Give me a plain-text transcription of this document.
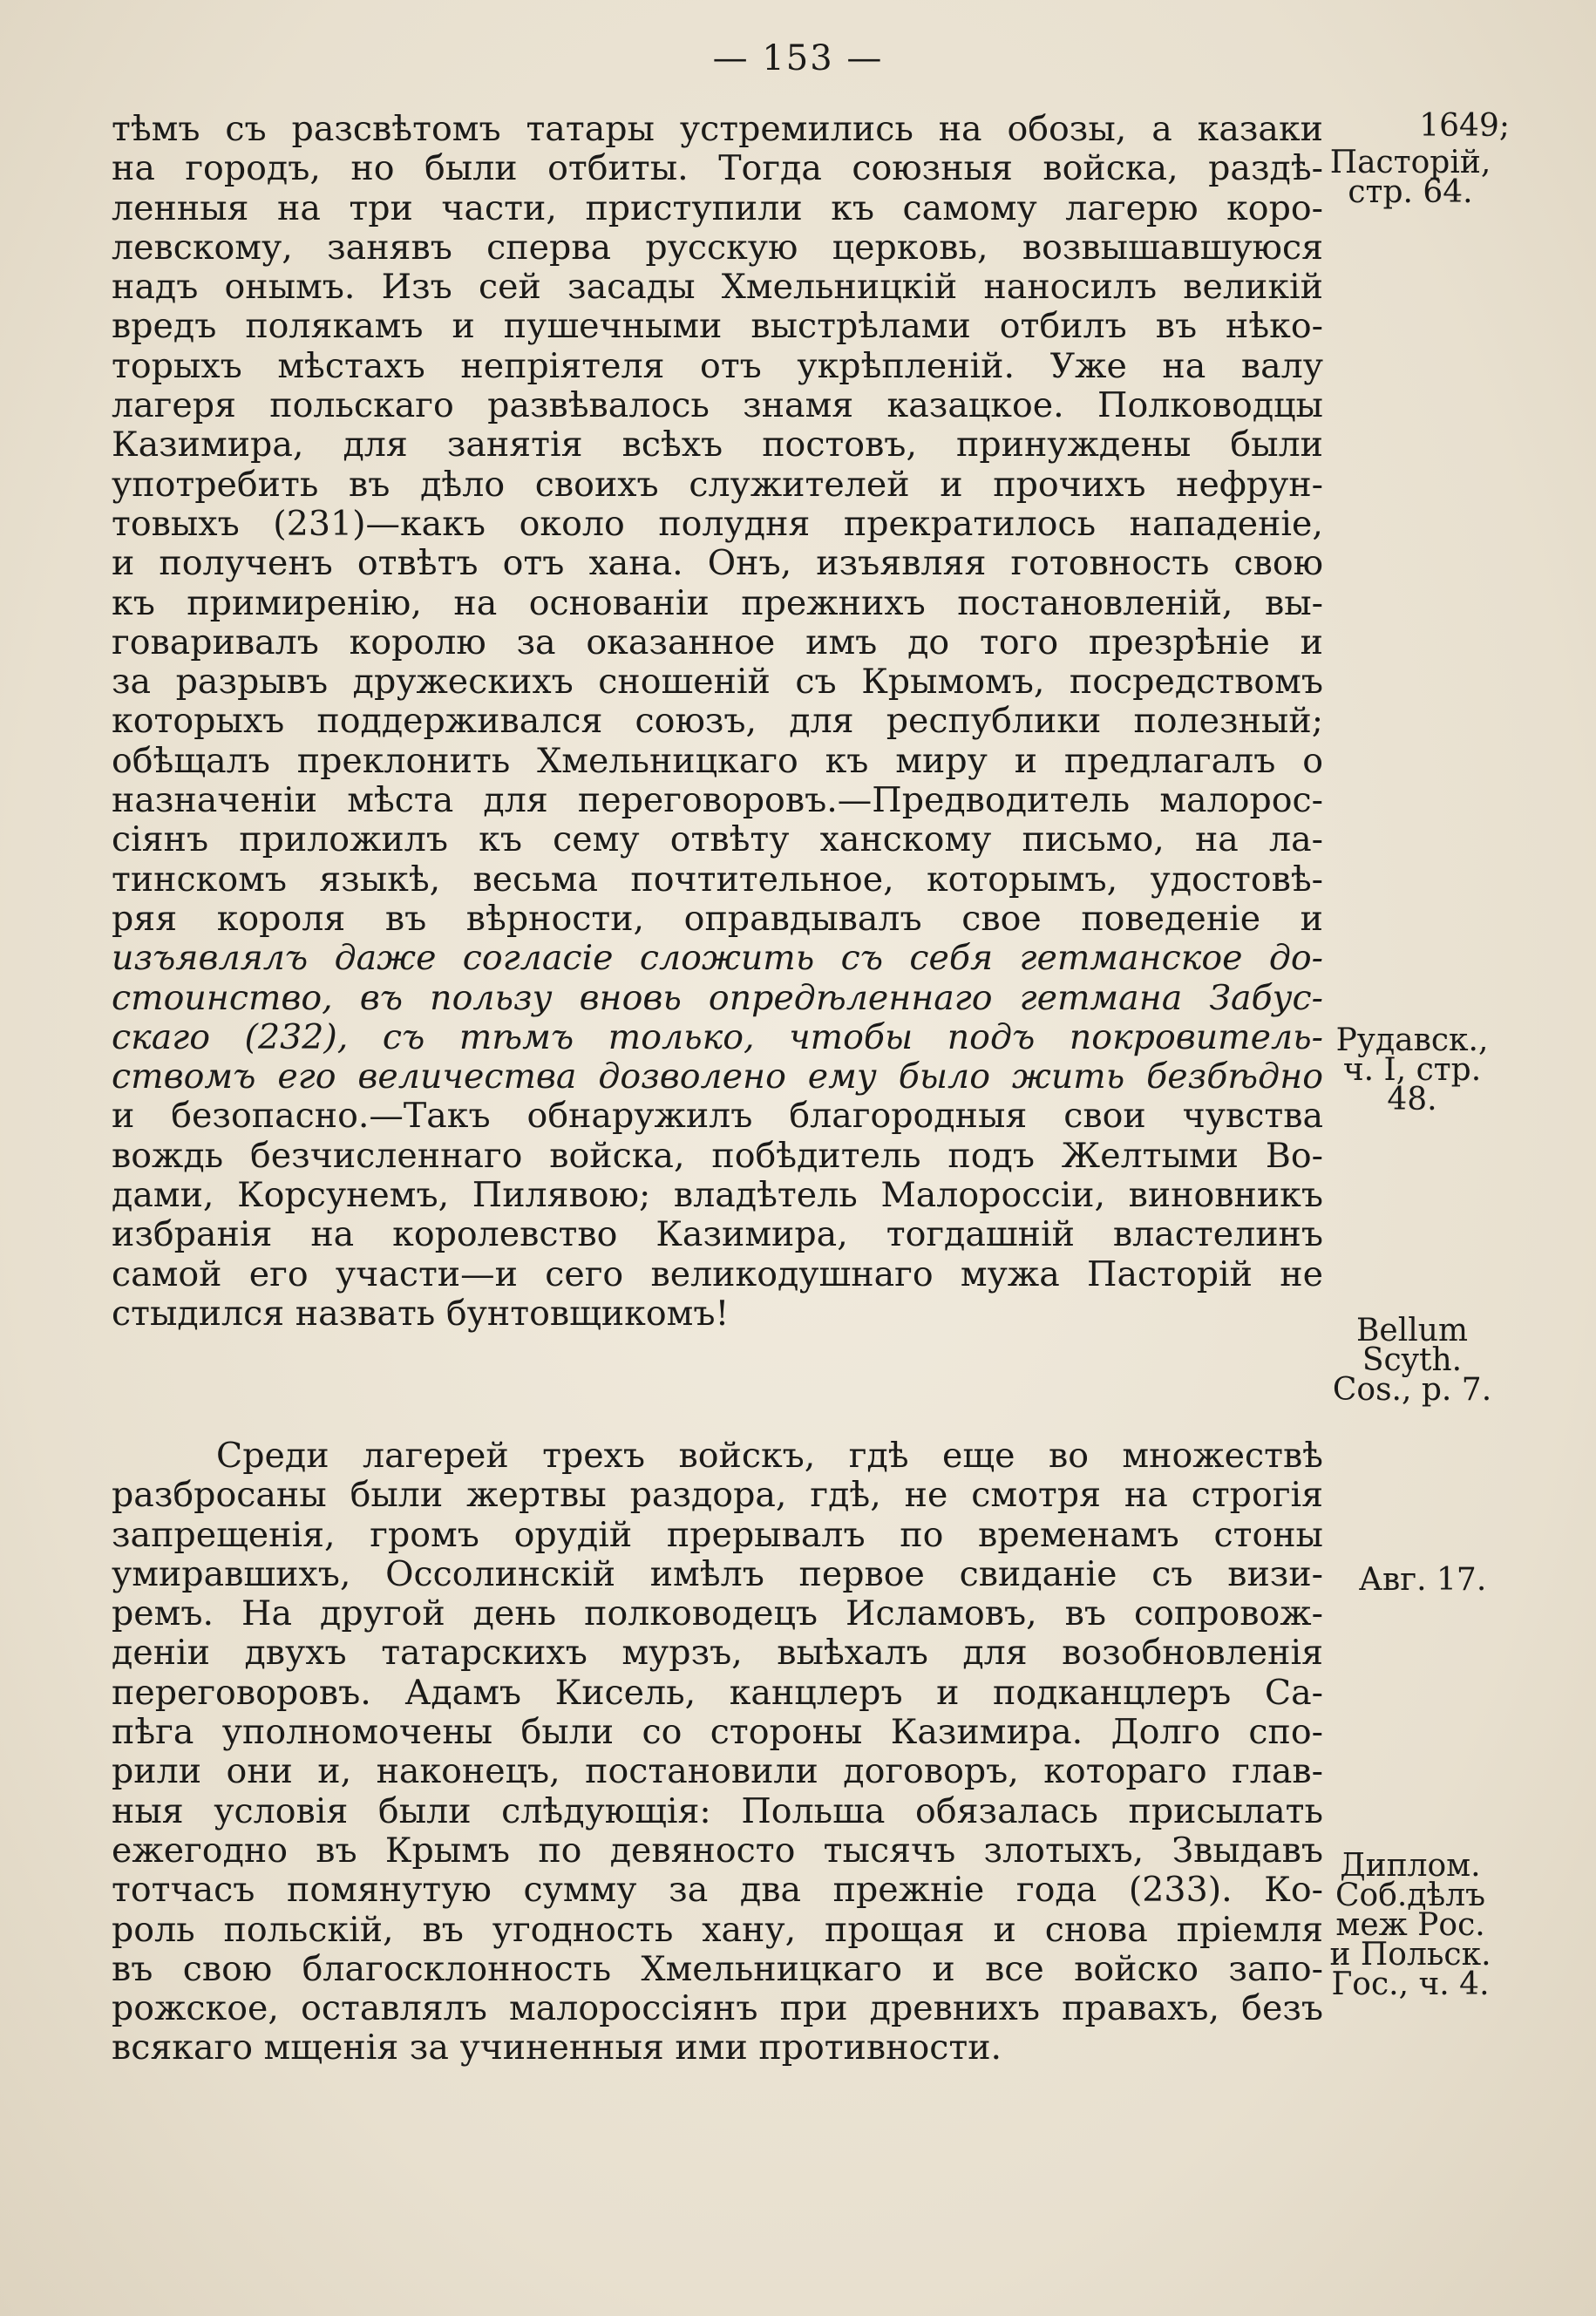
— 153 —
тѣмъ съ разсвѣтомъ татары устремились на обозы, а казаки
на городъ, но были отбиты. Тогда союзныя войска, раздѣ-
ленныя на три части, приступили къ самому лагерю коро-
левскому, занявъ сперва русскую церковь, возвышавшуюся
надъ онымъ. Изъ сей засады Хмельницкій наносилъ великій
вредъ полякамъ и пушечными выстрѣлами отбилъ въ нѣко-
торыхъ мѣстахъ непріятеля отъ укрѣпленій. Уже на валу
лагеря польскаго развѣвалось знамя казацкое. Полководцы
Казимира, для занятія всѣхъ постовъ, принуждены были
употребить въ дѣло своихъ служителей и прочихъ нефрун-
товыхъ (231)—какъ около полудня прекратилось нападеніе,
и полученъ отвѣтъ отъ хана. Онъ, изъявляя готовность свою
къ примиренію, на основаніи прежнихъ постановленій, вы-
говаривалъ королю за оказанное имъ до того презрѣніе и
за разрывъ дружескихъ сношеній съ Крымомъ, посредствомъ
которыхъ поддерживался союзъ, для республики полезный;
обѣщалъ преклонить Хмельницкаго къ миру и предлагалъ о
назначеніи мѣста для переговоровъ.—Предводитель малорос-
сіянъ приложилъ къ сему отвѣту ханскому письмо, на ла-
тинскомъ языкѣ, весьма почтительное, которымъ, удостовѣ-
ряя короля въ вѣрности, оправдывалъ свое поведеніе и
изъявлялъ даже согласіе сложить съ себя гетманское до-
стоинство, въ пользу вновь опредѣленнаго гетмана Забус-
скаго (232), съ тѣмъ только, чтобы подъ покровитель-
ствомъ его величества дозволено ему было жить безбѣдно
и безопасно.—Такъ обнаружилъ благородныя свои чувства
вождь безчисленнаго войска, побѣдитель подъ Желтыми Во-
дами, Корсунемъ, Пилявою; владѣтель Малороссіи, виновникъ
избранія на королевство Казимира, тогдашній властелинъ
самой его участи—и сего великодушнаго мужа Пасторій не
стыдился назвать бунтовщикомъ!
Среди лагерей трехъ войскъ, гдѣ еще во множествѣ
разбросаны были жертвы раздора, гдѣ, не смотря на строгія
запрещенія, громъ орудій прерывалъ по временамъ стоны
умиравшихъ, Оссолинскій имѣлъ первое свиданіе съ визи-
ремъ. На другой день полководецъ Исламовъ, въ сопровож-
деніи двухъ татарскихъ мурзъ, выѣхалъ для возобновленія
переговоровъ. Адамъ Кисель, канцлеръ и подканцлеръ Са-
пѣга уполномочены были со стороны Казимира. Долго спо-
рили они и, наконецъ, постановили договоръ, котораго глав-
ныя условія были слѣдующія: Польша обязалась присылать
ежегодно въ Крымъ по девяносто тысячъ злотыхъ, Звыдавъ
тотчасъ помянутую сумму за два прежніе года (233). Ко-
роль польскій, въ угодность хану, прощая и снова пріемля
въ свою благосклонность Хмельницкаго и все войско запо-
рожское, оставлялъ малороссіянъ при древнихъ правахъ, безъ
всякаго мщенія за учиненныя ими противности.
1649;
Пасторій, стр. 64.
Рудавск., ч. І, стр. 48.
Bellum Scyth. Cos., p. 7.
Авг. 17.
Диплом.
Соб.дѣлъ
меж Рос.
и Польск.
Гос., ч. 4.
